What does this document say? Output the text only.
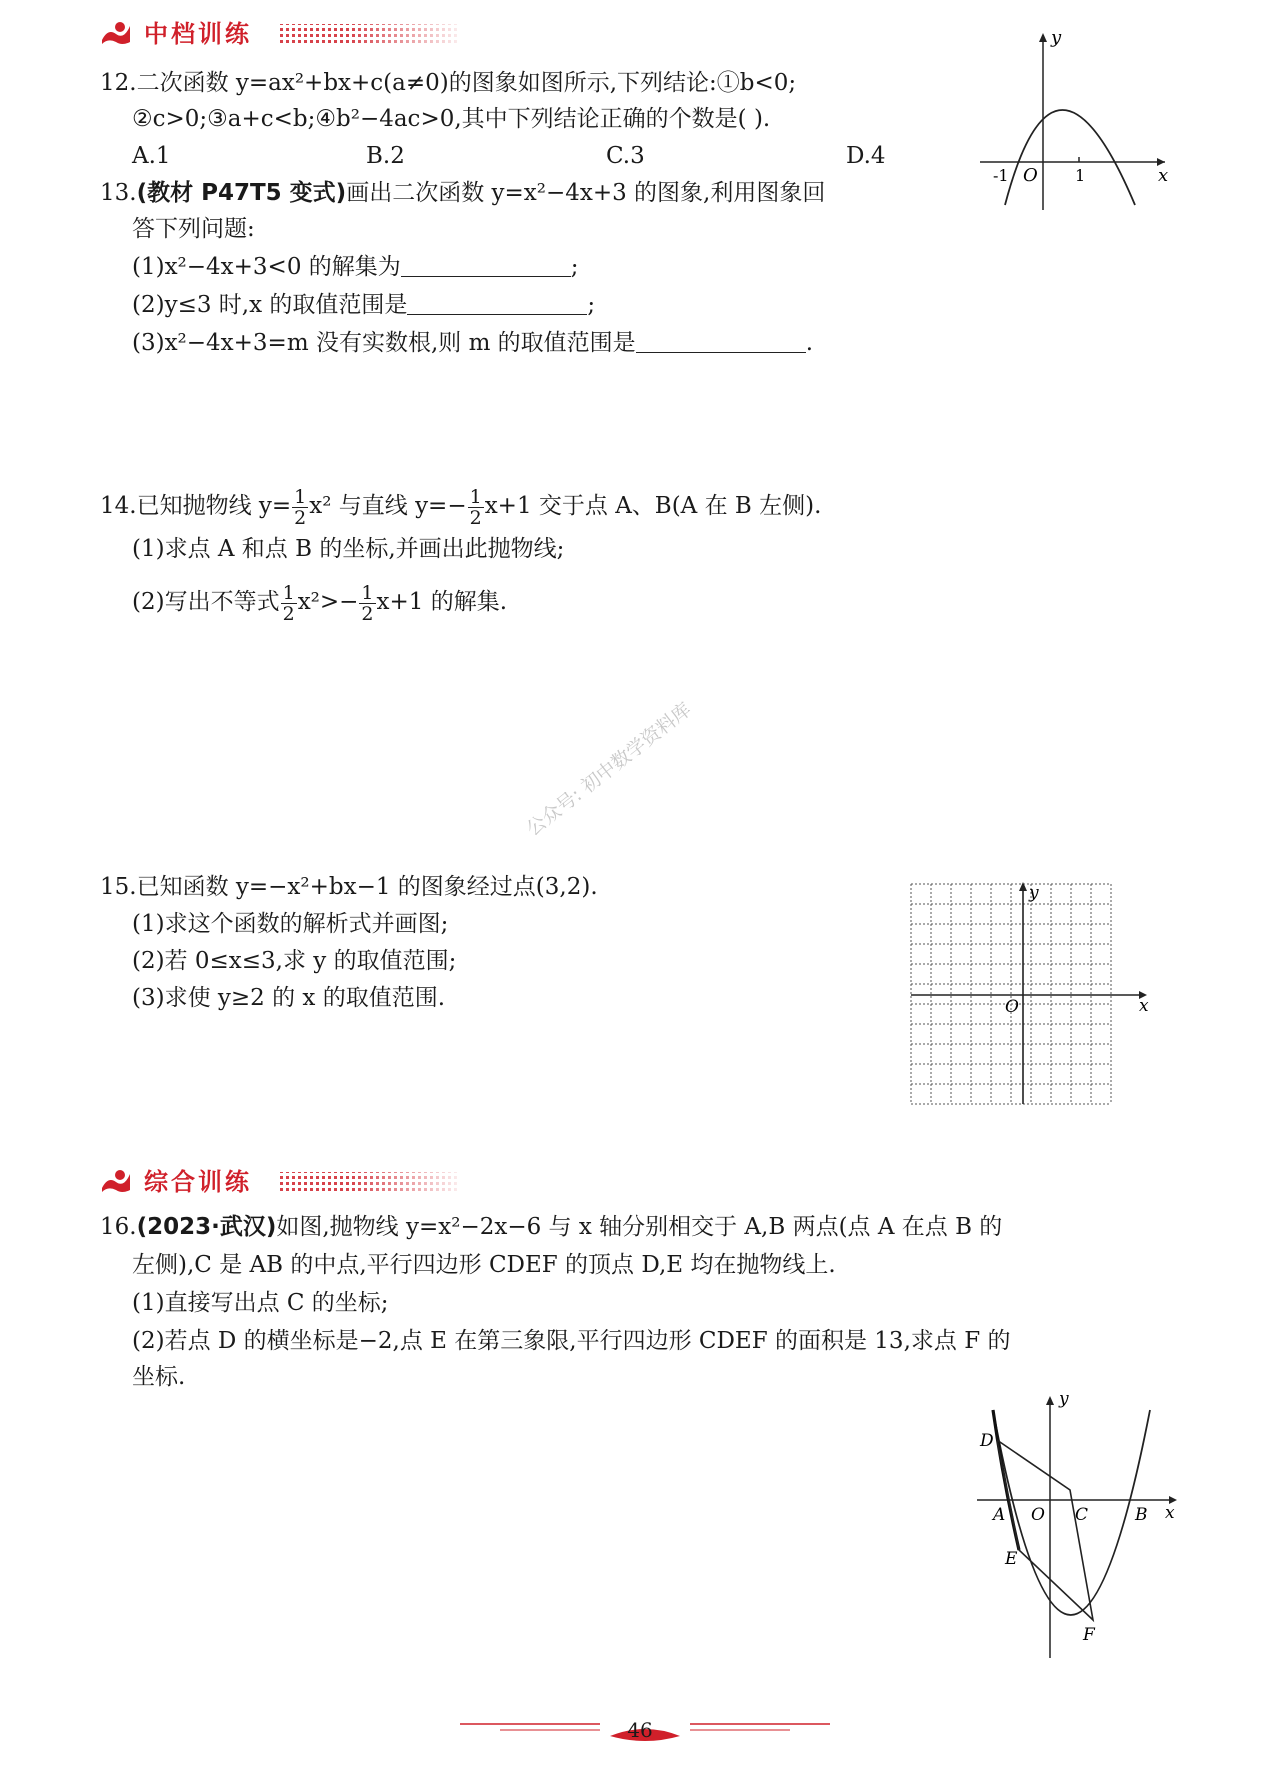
中档训练
12.二次函数 y=ax²+bx+c(a≠0)的图象如图所示,下列结论:①b<0;
②c>0;③a+c<b;④b²−4ac>0,其中下列结论正确的个数是( ).
A.1	B.2	C.3	D.4
y
x
O
-1	1
13.(教材 P47T5 变式)画出二次函数 y=x²−4x+3 的图象,利用图象回
答下列问题:
(1)x²−4x+3<0 的解集为	;
(2)y≤3 时,x 的取值范围是	;
(3)x²−4x+3=m 没有实数根,则 m 的取值范围是	.
14.已知抛物线 $y= \frac{1}{2} x^2$ 与直线 $y=- \frac{1}{2} x+1$ 交于点 A、B(A 在 B 左侧).
(1)求点 A 和点 B 的坐标,并画出此抛物线;
(2)写出不等式 $\frac{1}{2} x^2>- \frac{1}{2} x+1$ 的解集.
公众号: 初中数学资料库
15.已知函数 y=−x²+bx−1 的图象经过点(3,2).
(1)求这个函数的解析式并画图;
(2)若 0≤x≤3,求 y 的取值范围;
(3)求使 y≥2 的 x 的取值范围.
y
x
O
综合训练
16.(2023·武汉)如图,抛物线 y=x²−2x−6 与 x 轴分别相交于 A,B 两点(点 A 在点 B 的
左侧),C 是 AB 的中点,平行四边形 CDEF 的顶点 D,E 均在抛物线上.
(1)直接写出点 C 的坐标;
(2)若点 D 的横坐标是−2,点 E 在第三象限,平行四边形 CDEF 的面积是 13,求点 F 的
坐标.
y
x
O
A	B
C
D
E
F
46
